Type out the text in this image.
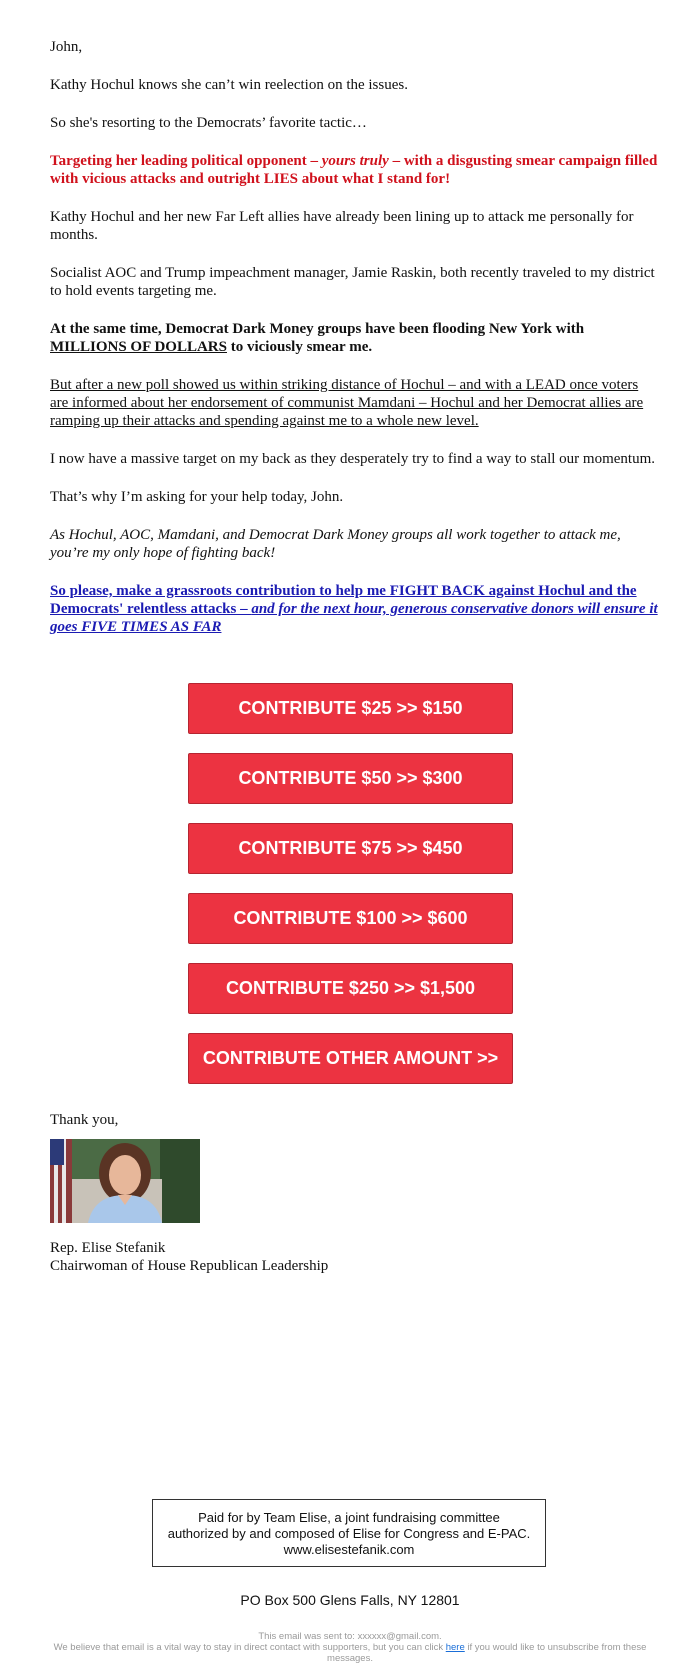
John,

Kathy Hochul knows she can’t win reelection on the issues.

So she's resorting to the Democrats’ favorite tactic…

Targeting her leading political opponent – yours truly – with a disgusting smear campaign filled with vicious attacks and outright LIES about what I stand for!

Kathy Hochul and her new Far Left allies have already been lining up to attack me personally for months.

Socialist AOC and Trump impeachment manager, Jamie Raskin, both recently traveled to my district to hold events targeting me.

At the same time, Democrat Dark Money groups have been flooding New York with MILLIONS OF DOLLARS to viciously smear me.

But after a new poll showed us within striking distance of Hochul – and with a LEAD once voters are informed about her endorsement of communist Mamdani – Hochul and her Democrat allies are ramping up their attacks and spending against me to a whole new level.

I now have a massive target on my back as they desperately try to find a way to stall our momentum.

That’s why I’m asking for your help today, John.

As Hochul, AOC, Mamdani, and Democrat Dark Money groups all work together to attack me, you’re my only hope of fighting back!

So please, make a grassroots contribution to help me FIGHT BACK against Hochul and the Democrats' relentless attacks – and for the next hour, generous conservative donors will ensure it goes FIVE TIMES AS FAR

CONTRIBUTE $25 >> $150
CONTRIBUTE $50 >> $300
CONTRIBUTE $75 >> $450
CONTRIBUTE $100 >> $600
CONTRIBUTE $250 >> $1,500
CONTRIBUTE OTHER AMOUNT >>
Thank you,
Rep. Elise Stefanik
Chairwoman of House Republican Leadership
Paid for by Team Elise, a joint fundraising committee authorized by and composed of Elise for Congress and E-PAC. www.elisestefanik.com
PO Box 500 Glens Falls, NY 12801
This email was sent to: xxxxxx@gmail.com.
We believe that email is a vital way to stay in direct contact with supporters, but you can click here if you would like to unsubscribe from these messages.
